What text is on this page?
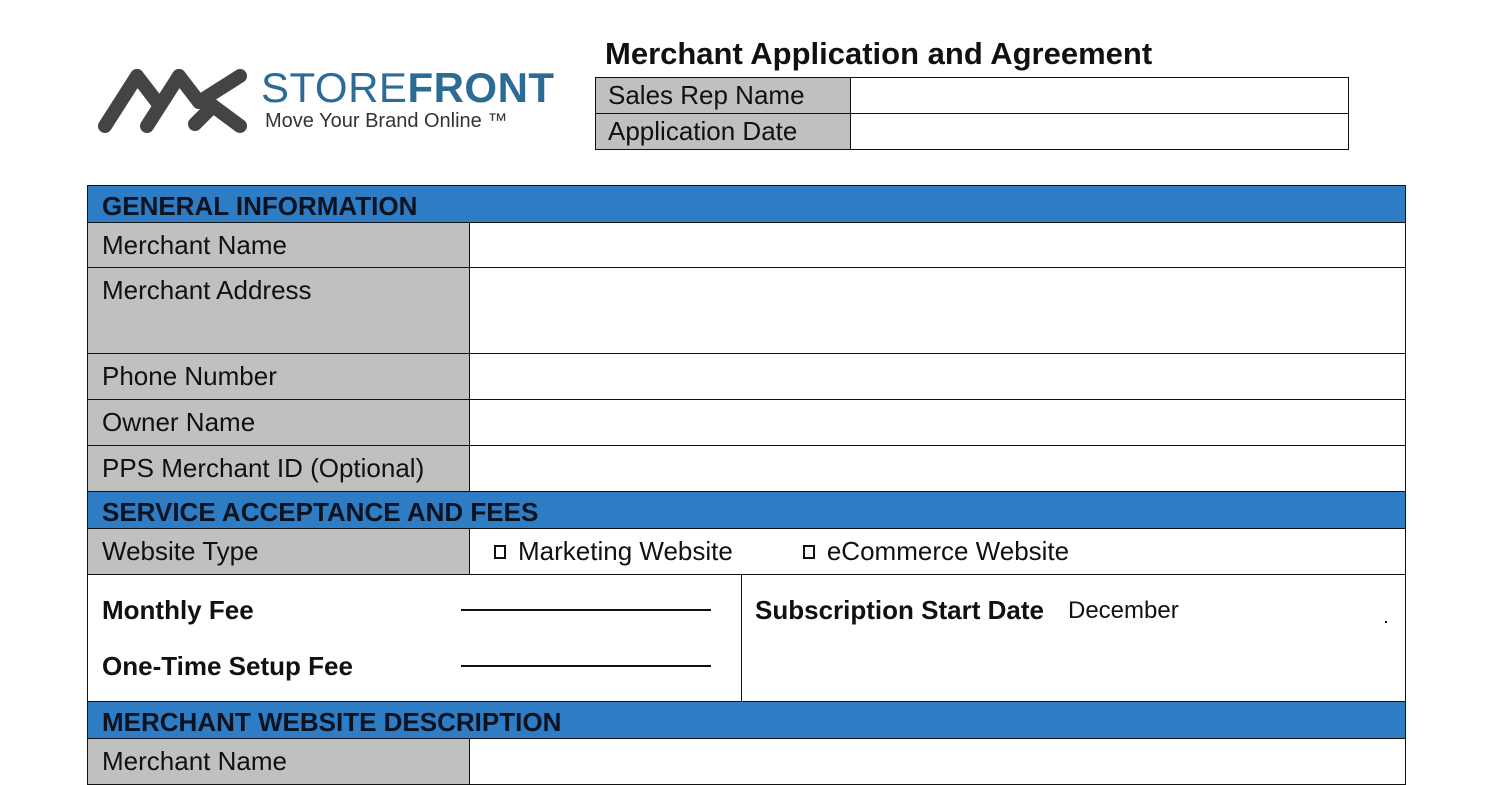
STOREFRONT
Move Your Brand Online ™
Merchant Application and Agreement
Sales Rep Name	
Application Date	
GENERAL INFORMATION
Merchant Name
Merchant Address
Phone Number
Owner Name
PPS Merchant ID (Optional)
SERVICE ACCEPTANCE AND FEES
Website Type	Marketing Website	eCommerce Website
Monthly Fee
One-Time Setup Fee
Subscription Start Date December
MERCHANT WEBSITE DESCRIPTION
Merchant Name
